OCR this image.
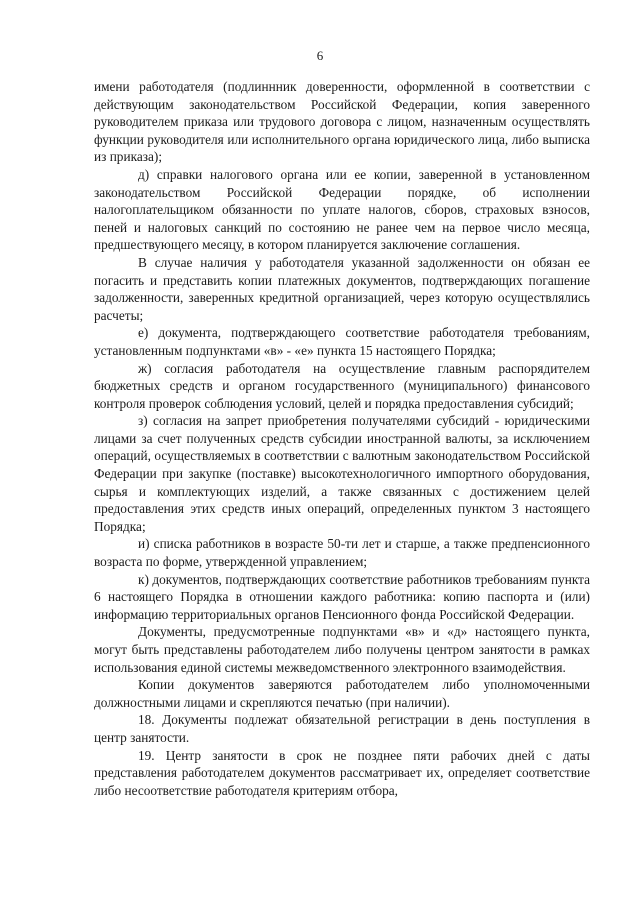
6

имени работодателя (подлиннник доверенности, оформленной в соответствии с действующим законодательством Российской Федерации, копия заверенного руководителем приказа или трудового договора с лицом, назначенным осуществлять функции руководителя или исполнительного органа юридического лица, либо выписка из приказа);

д) справки налогового органа или ее копии, заверенной в установленном законодательством Российской Федерации порядке, об исполнении налогоплательщиком обязанности по уплате налогов, сборов, страховых взносов, пеней и налоговых санкций по состоянию не ранее чем на первое число месяца, предшествующего месяцу, в котором планируется заключение соглашения.

В случае наличия у работодателя указанной задолженности он обязан ее погасить и представить копии платежных документов, подтверждающих погашение задолженности, заверенных кредитной организацией, через которую осуществлялись расчеты;

е) документа, подтверждающего соответствие работодателя требованиям, установленным подпунктами «в» - «е» пункта 15 настоящего Порядка;

ж) согласия работодателя на осуществление главным распорядителем бюджетных средств и органом государственного (муниципального) финансового контроля проверок соблюдения условий, целей и порядка предоставления субсидий;

з) согласия на запрет приобретения получателями субсидий - юридическими лицами за счет полученных средств субсидии иностранной валюты, за исключением операций, осуществляемых в соответствии с валютным законодательством Российской Федерации при закупке (поставке) высокотехнологичного импортного оборудования, сырья и комплектующих изделий, а также связанных с достижением целей предоставления этих средств иных операций, определенных пунктом 3 настоящего Порядка;

и) списка работников в возрасте 50-ти лет и старше, а также предпенсионного возраста по форме, утвержденной управлением;

к) документов, подтверждающих соответствие работников требованиям пункта 6 настоящего Порядка в отношении каждого работника: копию паспорта и (или) информацию территориальных органов Пенсионного фонда Российской Федерации.

Документы, предусмотренные подпунктами «в» и «д» настоящего пункта, могут быть представлены работодателем либо получены центром занятости в рамках использования единой системы межведомственного электронного взаимодействия.

Копии документов заверяются работодателем либо уполномоченными должностными лицами и скрепляются печатью (при наличии).

18. Документы подлежат обязательной регистрации в день поступления в центр занятости.

19. Центр занятости в срок не позднее пяти рабочих дней с даты представления работодателем документов рассматривает их, определяет соответствие либо несоответствие работодателя критериям отбора,
